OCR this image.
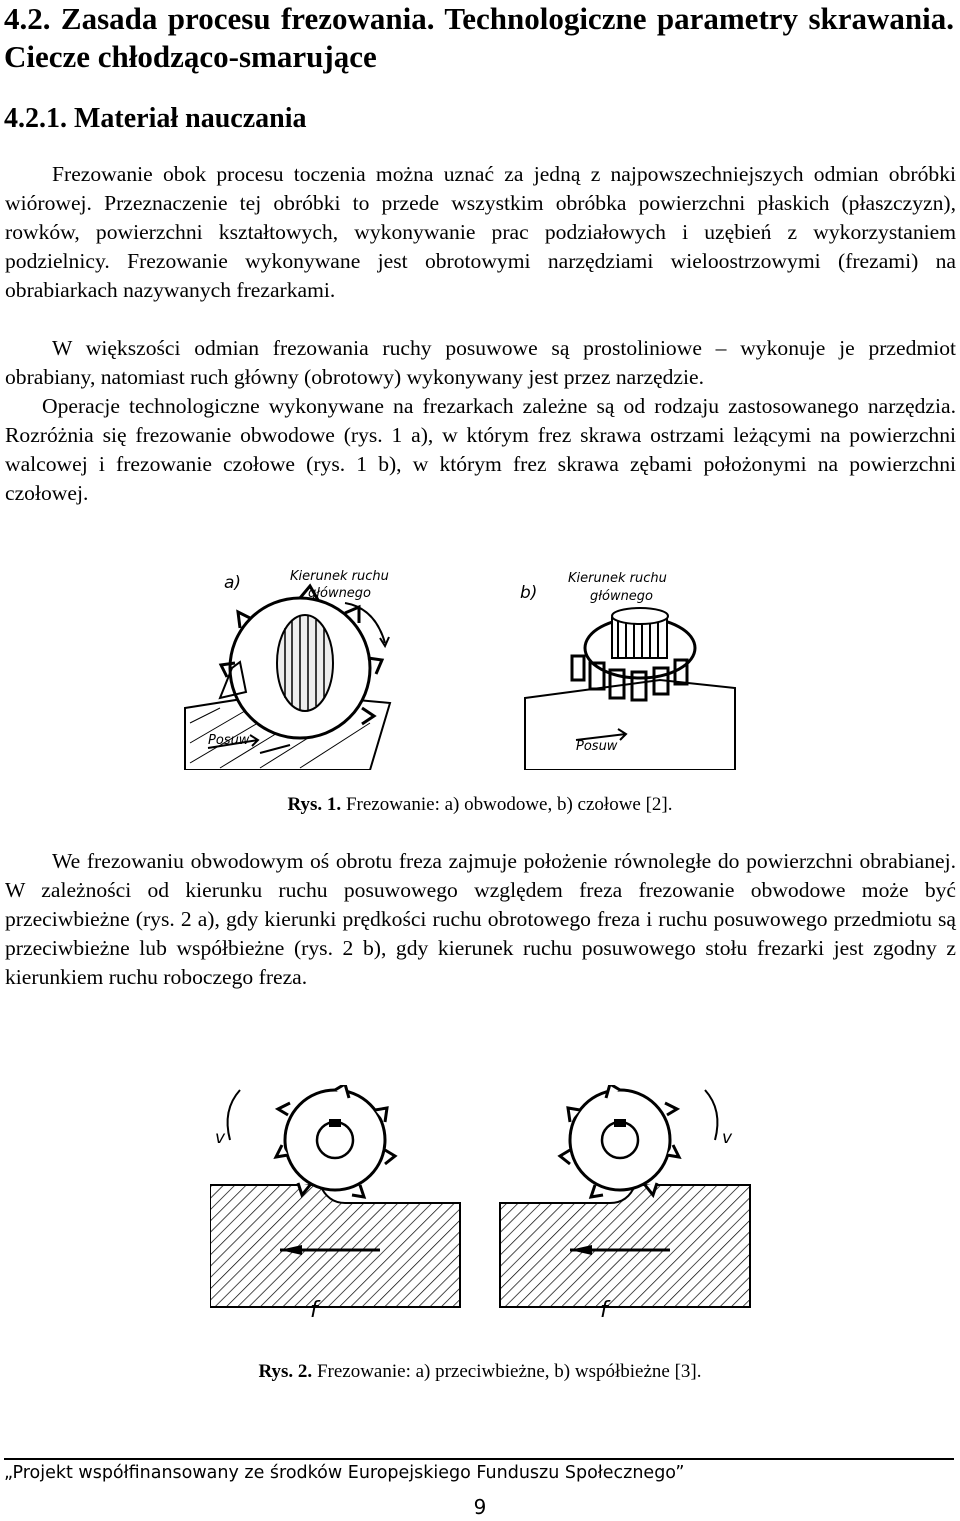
4.2. Zasada procesu frezowania. Technologiczne parametry skrawania. Ciecze chłodząco-smarujące
4.2.1. Materiał nauczania

Frezowanie obok procesu toczenia można uznać za jedną z najpowszechniejszych odmian obróbki wiórowej. Przeznaczenie tej obróbki to przede wszystkim obróbka powierzchni płaskich (płaszczyzn), rowków, powierzchni kształtowych, wykonywanie prac podziałowych i uzębień z wykorzystaniem podzielnicy. Frezowanie wykonywane jest obrotowymi narzędziami wieloostrzowymi (frezami) na obrabiarkach nazywanych frezarkami.

W większości odmian frezowania ruchy posuwowe są prostoliniowe – wykonuje je przedmiot obrabiany, natomiast ruch główny (obrotowy) wykonywany jest przez narzędzie.

Operacje technologiczne wykonywane na frezarkach zależne są od rodzaju zastosowanego narzędzia. Rozróżnia się frezowanie obwodowe (rys. 1 a), w którym frez skrawa ostrzami leżącymi na powierzchni walcowej i frezowanie czołowe (rys. 1 b), w którym frez skrawa zębami położonymi na powierzchni czołowej.

a)	Kierunek ruchu
głównego
Posuw
b)
Kierunek ruchu
głównego
Posuw
Rys. 1. Frezowanie: a) obwodowe, b) czołowe [2].

We frezowaniu obwodowym oś obrotu freza zajmuje położenie równoległe do powierzchni obrabianej. W zależności od kierunku ruchu posuwowego względem freza frezowanie obwodowe może być przeciwbieżne (rys. 2 a), gdy kierunki prędkości ruchu obrotowego freza i ruchu posuwowego przedmiotu są przeciwbieżne lub współbieżne (rys. 2 b), gdy kierunek ruchu posuwowego stołu frezarki jest zgodny z kierunkiem ruchu roboczego freza.

v
f
v
f
Rys. 2. Frezowanie: a) przeciwbieżne, b) współbieżne [3].
„Projekt współfinansowany ze środków Europejskiego Funduszu Społecznego”
9
